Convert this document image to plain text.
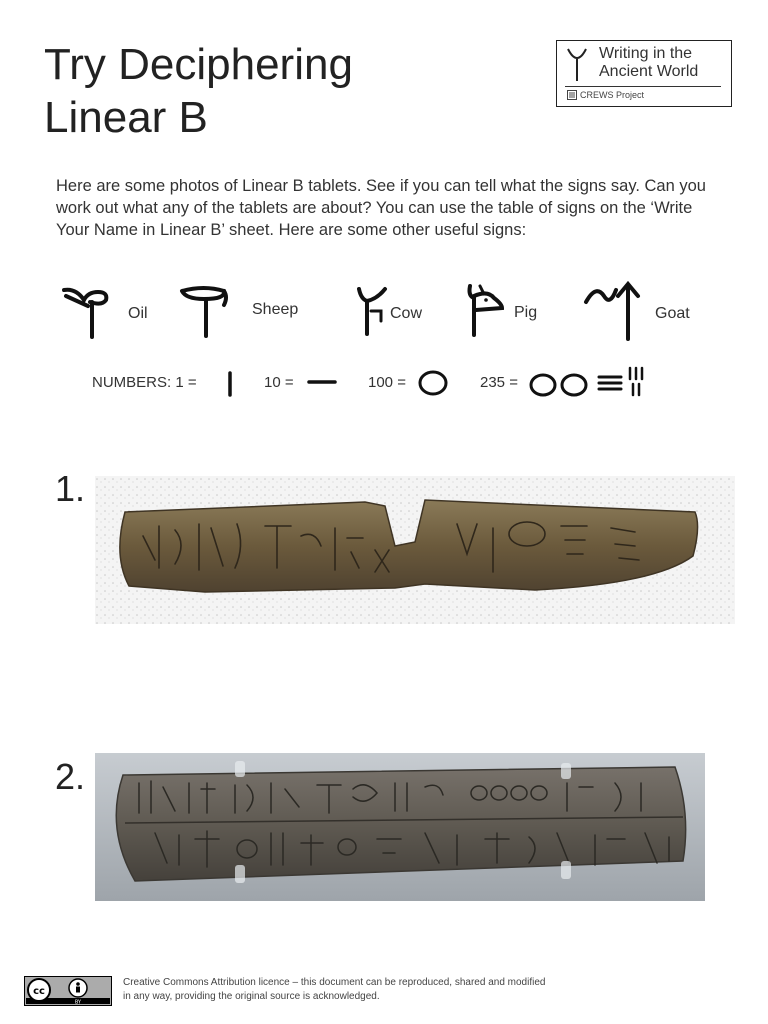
Try Deciphering
Linear B
Writing in the
Ancient World
CREWS Project

Here are some photos of Linear B tablets. See if you can tell what the signs say. Can you work out what any of the tablets are about? You can use the table of signs on the ‘Write Your Name in Linear B’ sheet. Here are some other useful signs:

Oil	Sheep	Cow	Pig	Goat
NUMBERS: 1 =	10 =	100 =	235 =
1.
2.
cc
BY
Creative Commons Attribution licence – this document can be reproduced, shared and modified in any way, providing the original source is acknowledged.
